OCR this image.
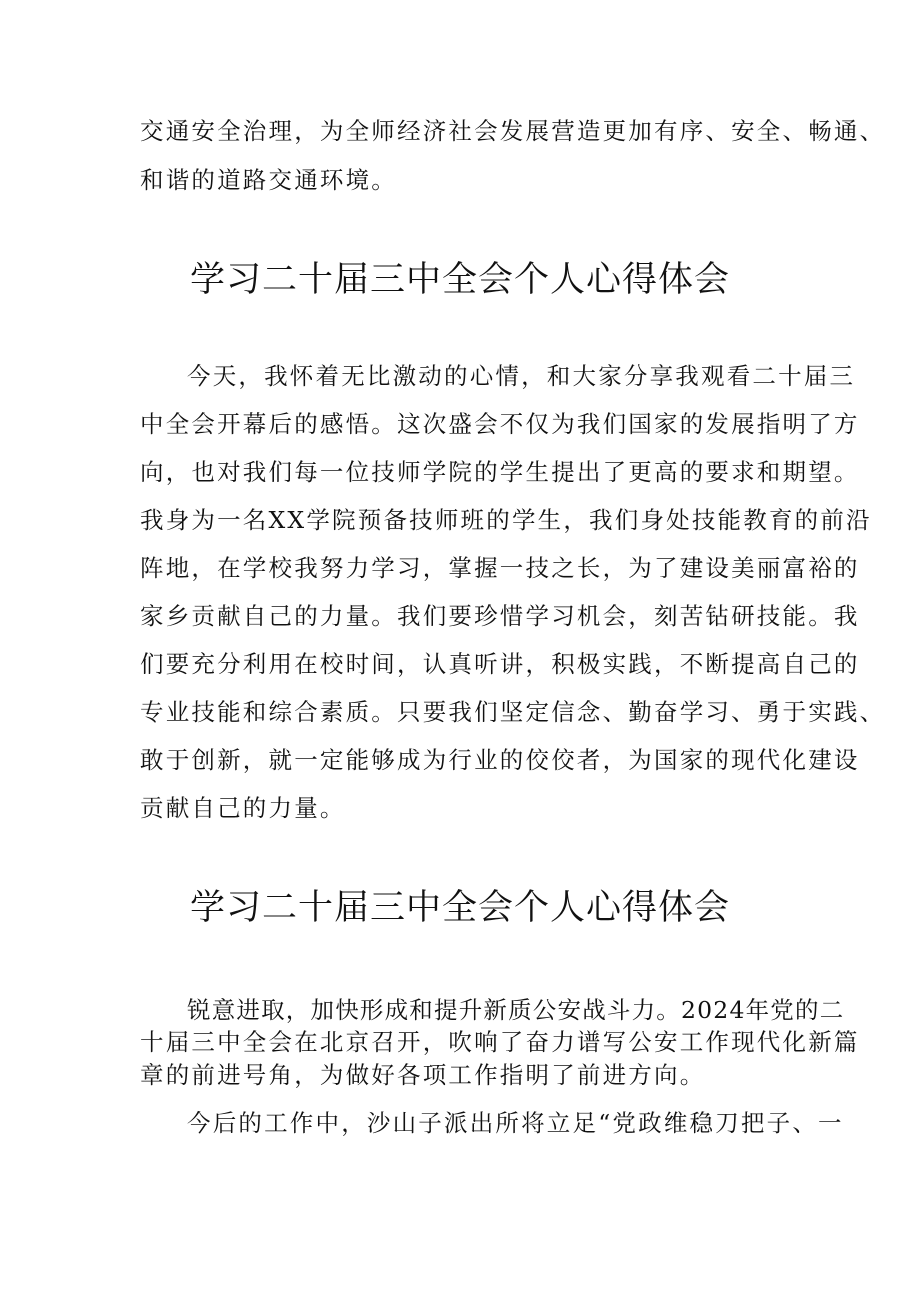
交通安全治理，为全师经济社会发展营造更加有序、安全、畅通、
和谐的道路交通环境。
学习二十届三中全会个人心得体会
今天，我怀着无比激动的心情，和大家分享我观看二十届三
中全会开幕后的感悟。这次盛会不仅为我们国家的发展指明了方
向，也对我们每一位技师学院的学生提出了更高的要求和期望。
我身为一名XX学院预备技师班的学生，我们身处技能教育的前沿
阵地，在学校我努力学习，掌握一技之长，为了建设美丽富裕的
家乡贡献自己的力量。我们要珍惜学习机会，刻苦钻研技能。我
们要充分利用在校时间，认真听讲，积极实践，不断提高自己的
专业技能和综合素质。只要我们坚定信念、勤奋学习、勇于实践、
敢于创新，就一定能够成为行业的佼佼者，为国家的现代化建设
贡献自己的力量。
学习二十届三中全会个人心得体会
锐意进取，加快形成和提升新质公安战斗力。2024年党的二
十届三中全会在北京召开，吹响了奋力谱写公安工作现代化新篇
章的前进号角，为做好各项工作指明了前进方向。
今后的工作中，沙山子派出所将立足“党政维稳刀把子、一
